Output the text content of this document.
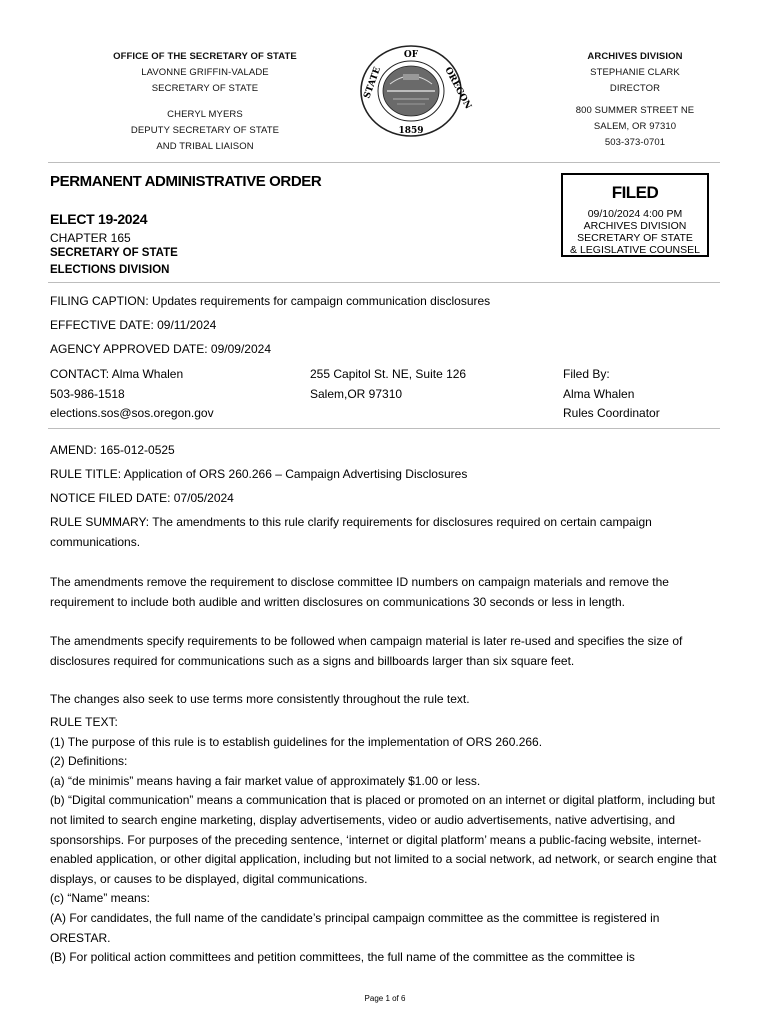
OFFICE OF THE SECRETARY OF STATE
LAVONNE GRIFFIN-VALADE
SECRETARY OF STATE
CHERYL MYERS
DEPUTY SECRETARY OF STATE
AND TRIBAL LIAISON
OF
STATE	OREGON
1859
ARCHIVES DIVISION
STEPHANIE CLARK
DIRECTOR
800 SUMMER STREET NE
SALEM, OR 97310
503-373-0701
PERMANENT ADMINISTRATIVE ORDER
ELECT 19-2024
CHAPTER 165
SECRETARY OF STATE
ELECTIONS DIVISION
FILED
09/10/2024 4:00 PM
ARCHIVES DIVISION
SECRETARY OF STATE
& LEGISLATIVE COUNSEL
FILING CAPTION: Updates requirements for campaign communication disclosures
EFFECTIVE DATE: 09/11/2024
AGENCY APPROVED DATE: 09/09/2024
CONTACT: Alma Whalen
503-986-1518
elections.sos@sos.oregon.gov
255 Capitol St. NE, Suite 126
Salem,OR 97310
Filed By:
Alma Whalen
Rules Coordinator
AMEND: 165-012-0525
RULE TITLE: Application of ORS 260.266 – Campaign Advertising Disclosures
NOTICE FILED DATE: 07/05/2024
RULE SUMMARY: The amendments to this rule clarify requirements for disclosures required on certain campaign communications.
The amendments remove the requirement to disclose committee ID numbers on campaign materials and remove the requirement to include both audible and written disclosures on communications 30 seconds or less in length.
The amendments specify requirements to be followed when campaign material is later re-used and specifies the size of disclosures required for communications such as a signs and billboards larger than six square feet.
The changes also seek to use terms more consistently throughout the rule text.
RULE TEXT:
(1) The purpose of this rule is to establish guidelines for the implementation of ORS 260.266.
(2) Definitions:
(a) “de minimis” means having a fair market value of approximately $1.00 or less.
(b) “Digital communication” means a communication that is placed or promoted on an internet or digital platform, including but not limited to search engine marketing, display advertisements, video or audio advertisements, native advertising, and sponsorships. For purposes of the preceding sentence, ‘internet or digital platform’ means a public-facing website, internet-enabled application, or other digital application, including but not limited to a social network, ad network, or search engine that displays, or causes to be displayed, digital communications.
(c) “Name” means:
(A) For candidates, the full name of the candidate’s principal campaign committee as the committee is registered in ORESTAR.
(B) For political action committees and petition committees, the full name of the committee as the committee is
Page 1 of 6
